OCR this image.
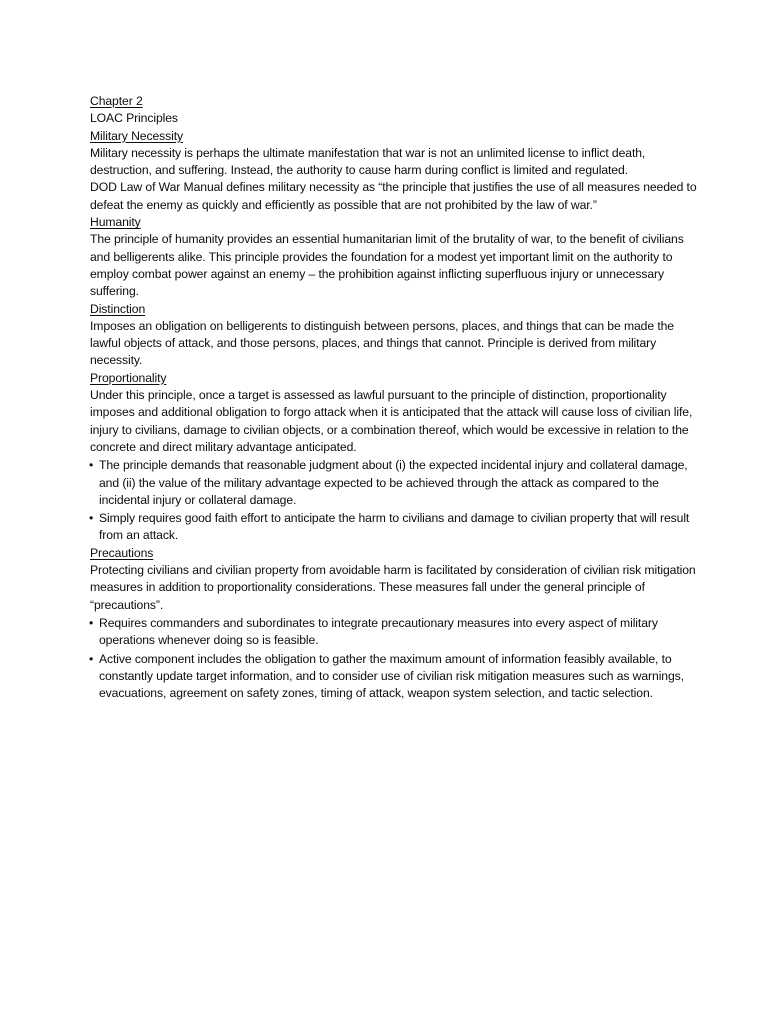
Chapter 2

LOAC Principles

Military Necessity

Military necessity is perhaps the ultimate manifestation that war is not an unlimited license to inflict death, destruction, and suffering. Instead, the authority to cause harm during conflict is limited and regulated.

DOD Law of War Manual defines military necessity as “the principle that justifies the use of all measures needed to defeat the enemy as quickly and efficiently as possible that are not prohibited by the law of war.”

Humanity

The principle of humanity provides an essential humanitarian limit of the brutality of war, to the benefit of civilians and belligerents alike. This principle provides the foundation for a modest yet important limit on the authority to employ combat power against an enemy – the prohibition against inflicting superfluous injury or unnecessary suffering.

Distinction

Imposes an obligation on belligerents to distinguish between persons, places, and things that can be made the lawful objects of attack, and those persons, places, and things that cannot. Principle is derived from military necessity.

Proportionality

Under this principle, once a target is assessed as lawful pursuant to the principle of distinction, proportionality imposes and additional obligation to forgo attack when it is anticipated that the attack will cause loss of civilian life, injury to civilians, damage to civilian objects, or a combination thereof, which would be excessive in relation to the concrete and direct military advantage anticipated.

• The principle demands that reasonable judgment about (i) the expected incidental injury and collateral damage, and (ii) the value of the military advantage expected to be achieved through the attack as compared to the incidental injury or collateral damage.
• Simply requires good faith effort to anticipate the harm to civilians and damage to civilian property that will result from an attack.

Precautions

Protecting civilians and civilian property from avoidable harm is facilitated by consideration of civilian risk mitigation measures in addition to proportionality considerations. These measures fall under the general principle of “precautions”.

• Requires commanders and subordinates to integrate precautionary measures into every aspect of military operations whenever doing so is feasible.
• Active component includes the obligation to gather the maximum amount of information feasibly available, to constantly update target information, and to consider use of civilian risk mitigation measures such as warnings, evacuations, agreement on safety zones, timing of attack, weapon system selection, and tactic selection.
